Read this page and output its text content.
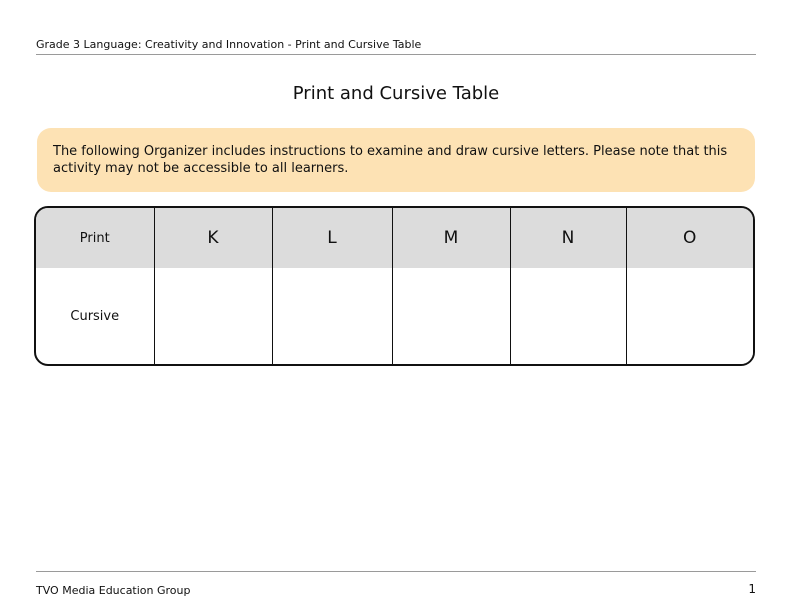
Grade 3 Language: Creativity and Innovation - Print and Cursive Table
Print and Cursive Table
The following Organizer includes instructions to examine and draw cursive letters. Please note that this activity may not be accessible to all learners.
Print	K	L	M	N	O
Cursive					
TVO Media Education Group	1
